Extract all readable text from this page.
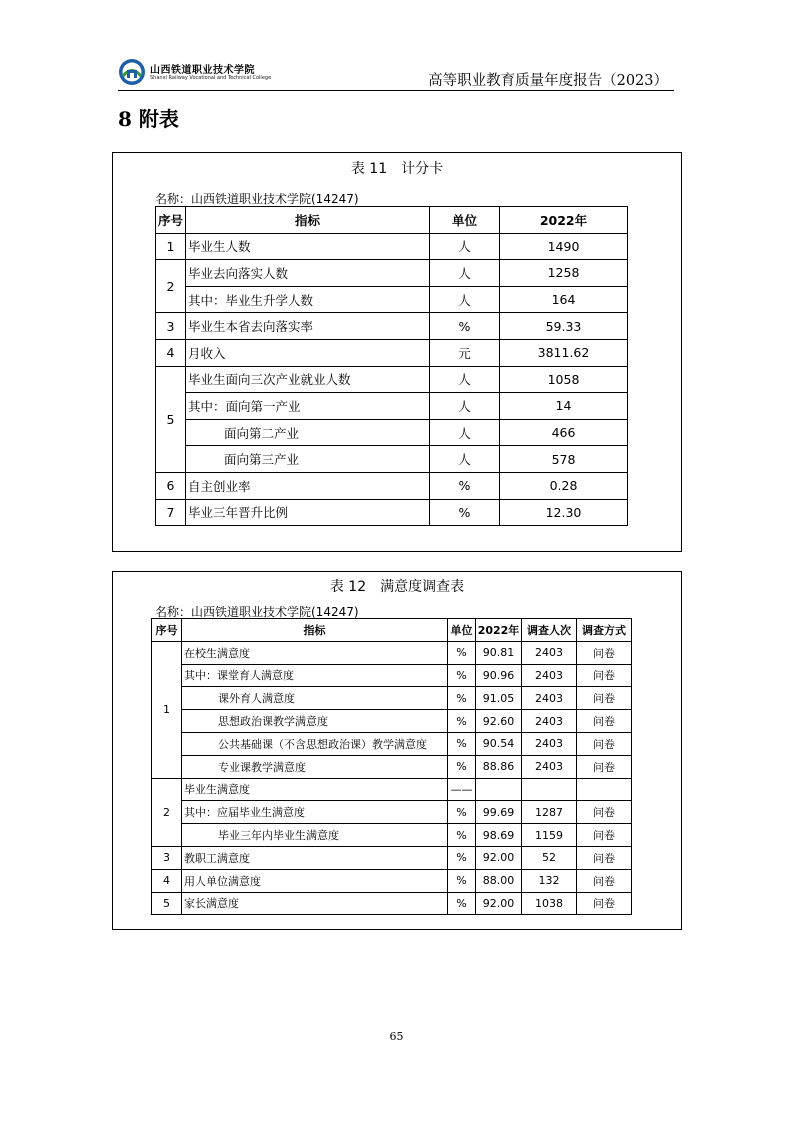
山西铁道职业技术学院
Shanxi Railway Vocational and Technical College	高等职业教育质量年度报告（2023）
8 附表
表 11　计分卡
名称：山西铁道职业技术学院(14247)
序号	指标	单位	2022年
1	毕业生人数	人	1490
2	毕业去向落实人数	人	1258
	其中：毕业生升学人数	人	164
3	毕业生本省去向落实率	%	59.33
4	月收入	元	3811.62
5	毕业生面向三次产业就业人数	人	1058
	其中：面向第一产业	人	14
	面向第二产业	人	466
	面向第三产业	人	578
6	自主创业率	%	0.28
7	毕业三年晋升比例	%	12.30
表 12　满意度调查表
名称：山西铁道职业技术学院(14247)
序号	指标	单位	2022年	调查人次	调查方式
1	在校生满意度	%	90.81	2403	问卷
	其中：课堂育人满意度	%	90.96	2403	问卷
	课外育人满意度	%	91.05	2403	问卷
	思想政治课教学满意度	%	92.60	2403	问卷
	公共基础课（不含思想政治课）教学满意度	%	90.54	2403	问卷
	专业课教学满意度	%	88.86	2403	问卷
2	毕业生满意度	——			
	其中：应届毕业生满意度	%	99.69	1287	问卷
	毕业三年内毕业生满意度	%	98.69	1159	问卷
3	教职工满意度	%	92.00	52	问卷
4	用人单位满意度	%	88.00	132	问卷
5	家长满意度	%	92.00	1038	问卷
65
